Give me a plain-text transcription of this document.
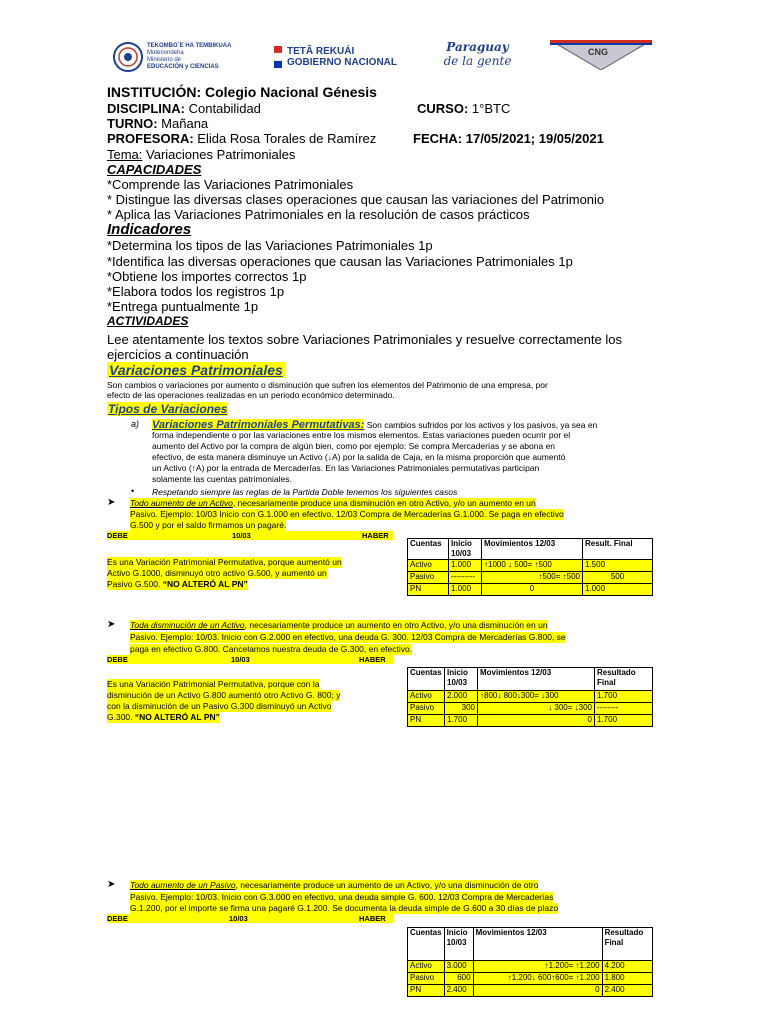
TEKOMBO´E HA TEMBIKUAA
Motenondeha
Ministerio de
EDUCACIÓN y CIENCIAS
TETÃ REKUÁI
GOBIERNO NACIONAL
Paraguay
de la gente
CNG
INSTITUCIÓN: Colegio Nacional Génesis
DISCIPLINA: Contabilidad	CURSO: 1°BTC
TURNO: Mañana
PROFESORA: Elida Rosa Torales de Ramírez	FECHA: 17/05/2021; 19/05/2021
Tema: Variaciones Patrimoniales
CAPACIDADES
*Comprende las Variaciones Patrimoniales
* Distingue las diversas clases operaciones que causan las variaciones del Patrimonio
* Aplica las Variaciones Patrimoniales en la resolución de casos prácticos
Indicadores
*Determina los tipos de las Variaciones Patrimoniales 1p
*Identifica las diversas operaciones que causan las Variaciones Patrimoniales 1p
*Obtiene los importes correctos 1p
*Elabora todos los registros 1p
*Entrega puntualmente 1p
ACTIVIDADES
Lee atentamente los textos sobre Variaciones Patrimoniales y resuelve correctamente los
ejercicios a continuación
Variaciones Patrimoniales
Son cambios o variaciones por aumento o disminución que sufren los elementos del Patrimonio de una empresa, por
efecto de las operaciones realizadas en un periodo económico determinado.
Tipos de Variaciones
a) Variaciones Patrimoniales Permutativas: Son cambios sufridos por los activos y los pasivos, ya sea en
forma independiente o por las variaciones entre los mismos elementos. Estas variaciones pueden ocurrir por el
aumento del Activo por la compra de algún bien, como por ejemplo: Se compra Mercaderías y se abona en
efectivo, de esta manera disminuye un Activo (↓A) por la salida de Caja, en la misma proporción que aumentó
un Activo (↑A) por la entrada de Mercaderías. En las Variaciones Patrimoniales permutativas participan
solamente las cuentas patrimoniales.
• Respetando siempre las reglas de la Partida Doble tenemos los siguientes casos
➤ Todo aumento de un Activo, necesariamente produce una disminución en otro Activo, y/o un aumento en un
Pasivo. Ejemplo: 10/03 Inicio con G.1.000 en efectivo. 12/03 Compra de Mercaderías G.1.000. Se paga en efectivo
G.500 y por el saldo firmamos un pagaré.
DEBE	10/03	HABER
Es una Variación Patrimonial Permutativa, porque aumentó un
Activo G.1000, disminuyó otro activo G.500, y aumentó un
Pasivo G.500. “NO ALTERÓ AL PN”
Cuentas	Inicio 10/03	Movimientos 12/03	Result. Final
Activo	1.000	↑1000 ↓ 500= ↑500	1.500
Pasivo	---------	↑500= ↑500	500
PN	1.000	0	1.000
➤ Toda disminución de un Activo, necesariamente produce un aumento en otro Activo, y/o una disminución en un
Pasivo. Ejemplo: 10/03. Inicio con G.2.000 en efectivo, una deuda G. 300. 12/03 Compra de Mercaderías G.800, se
paga en efectivo G.800. Cancelamos nuestra deuda de G.300, en efectivo.
DEBE	10/03	HABER
Es una Variación Patrimonial Permutativa, porque con la
disminución de un Activo G.800 aumentó otro Activo G. 800; y
con la disminución de un Pasivo G.300 disminuyó un Activo
G.300. “NO ALTERÓ AL PN”
Cuentas	Inicio 10/03	Movimientos 12/03	Resultado Final
Activo	2.000	↑800↓ 800↓300= ↓300	1.700
Pasivo	300	↓ 300= ↓300	--------
PN	1.700	0	1.700
➤ Todo aumento de un Pasivo, necesariamente produce un aumento de un Activo, y/o una disminución de otro
Pasivo. Ejemplo: 10/03. Inicio con G.3.000 en efectivo, una deuda simple G. 600. 12/03 Compra de Mercaderías
G.1.200, por el importe se firma una pagaré G.1.200. Se documenta la deuda simple de G.600 a 30 días de plazo
DEBE	10/03	HABER
Cuentas	Inicio 10/03	Movimientos 12/03	Resultado Final
Activo	3.000	↑1.200= ↑1.200	4.200
Pasivo	600	↑1.200↓ 600↑600= ↑1.200	1.800
PN	2.400	0	2.400
